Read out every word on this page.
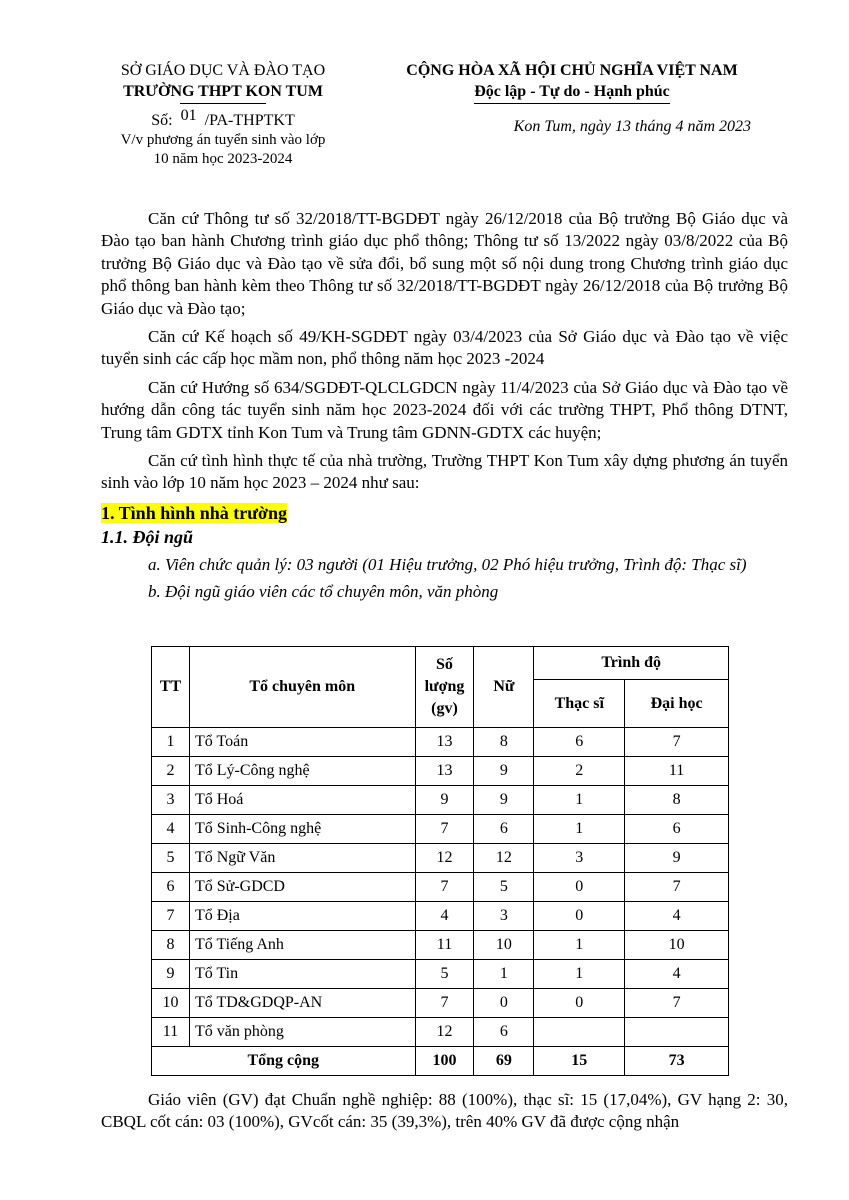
SỞ GIÁO DỤC VÀ ĐÀO TẠO
TRƯỜNG THPT KON TUM
Số: 01 /PA-THPTKT
V/v phương án tuyển sinh vào lớp
10 năm học 2023-2024
CỘNG HÒA XÃ HỘI CHỦ NGHĨA VIỆT NAM
Độc lập - Tự do - Hạnh phúc
Kon Tum, ngày 13 tháng 4 năm 2023

Căn cứ Thông tư số 32/2018/TT-BGDĐT ngày 26/12/2018 của Bộ trưởng Bộ Giáo dục và Đào tạo ban hành Chương trình giáo dục phổ thông; Thông tư số 13/2022 ngày 03/8/2022 của Bộ trưởng Bộ Giáo dục và Đào tạo về sửa đổi, bổ sung một số nội dung trong Chương trình giáo dục phổ thông ban hành kèm theo Thông tư số 32/2018/TT-BGDĐT ngày 26/12/2018 của Bộ trưởng Bộ Giáo dục và Đào tạo;

Căn cứ Kế hoạch số 49/KH-SGDĐT ngày 03/4/2023 của Sở Giáo dục và Đào tạo về việc tuyển sinh các cấp học mầm non, phổ thông năm học 2023 -2024

Căn cứ Hướng số 634/SGDĐT-QLCLGDCN ngày 11/4/2023 của Sở Giáo dục và Đào tạo về hướng dẫn công tác tuyển sinh năm học 2023-2024 đối với các trường THPT, Phổ thông DTNT, Trung tâm GDTX tỉnh Kon Tum và Trung tâm GDNN-GDTX các huyện;

Căn cứ tình hình thực tế của nhà trường, Trường THPT Kon Tum xây dựng phương án tuyển sinh vào lớp 10 năm học 2023 – 2024 như sau:

1. Tình hình nhà trường
1.1. Đội ngũ
a. Viên chức quản lý: 03 người (01 Hiệu trưởng, 02 Phó hiệu trưởng, Trình độ: Thạc sĩ)
b. Đội ngũ giáo viên các tổ chuyên môn, văn phòng
TT	Tổ chuyên môn	Số lượng (gv)	Nữ	Trình độ	
				Thạc sĩ	Đại học
1	Tổ Toán	13	8	6	7
2	Tổ Lý-Công nghệ	13	9	2	11
3	Tổ Hoá	9	9	1	8
4	Tổ Sinh-Công nghệ	7	6	1	6
5	Tổ Ngữ Văn	12	12	3	9
6	Tổ Sử-GDCD	7	5	0	7
7	Tổ Địa	4	3	0	4
8	Tổ Tiếng Anh	11	10	1	10
9	Tổ Tin	5	1	1	4
10	Tổ TD&GDQP-AN	7	0	0	7
11	Tổ văn phòng	12	6		
Tổng cộng		100	69	15	73

Giáo viên (GV) đạt Chuẩn nghề nghiệp: 88 (100%), thạc sĩ: 15 (17,04%), GV hạng 2: 30, CBQL cốt cán: 03 (100%), GVcốt cán: 35 (39,3%), trên 40% GV đã được cộng nhận
